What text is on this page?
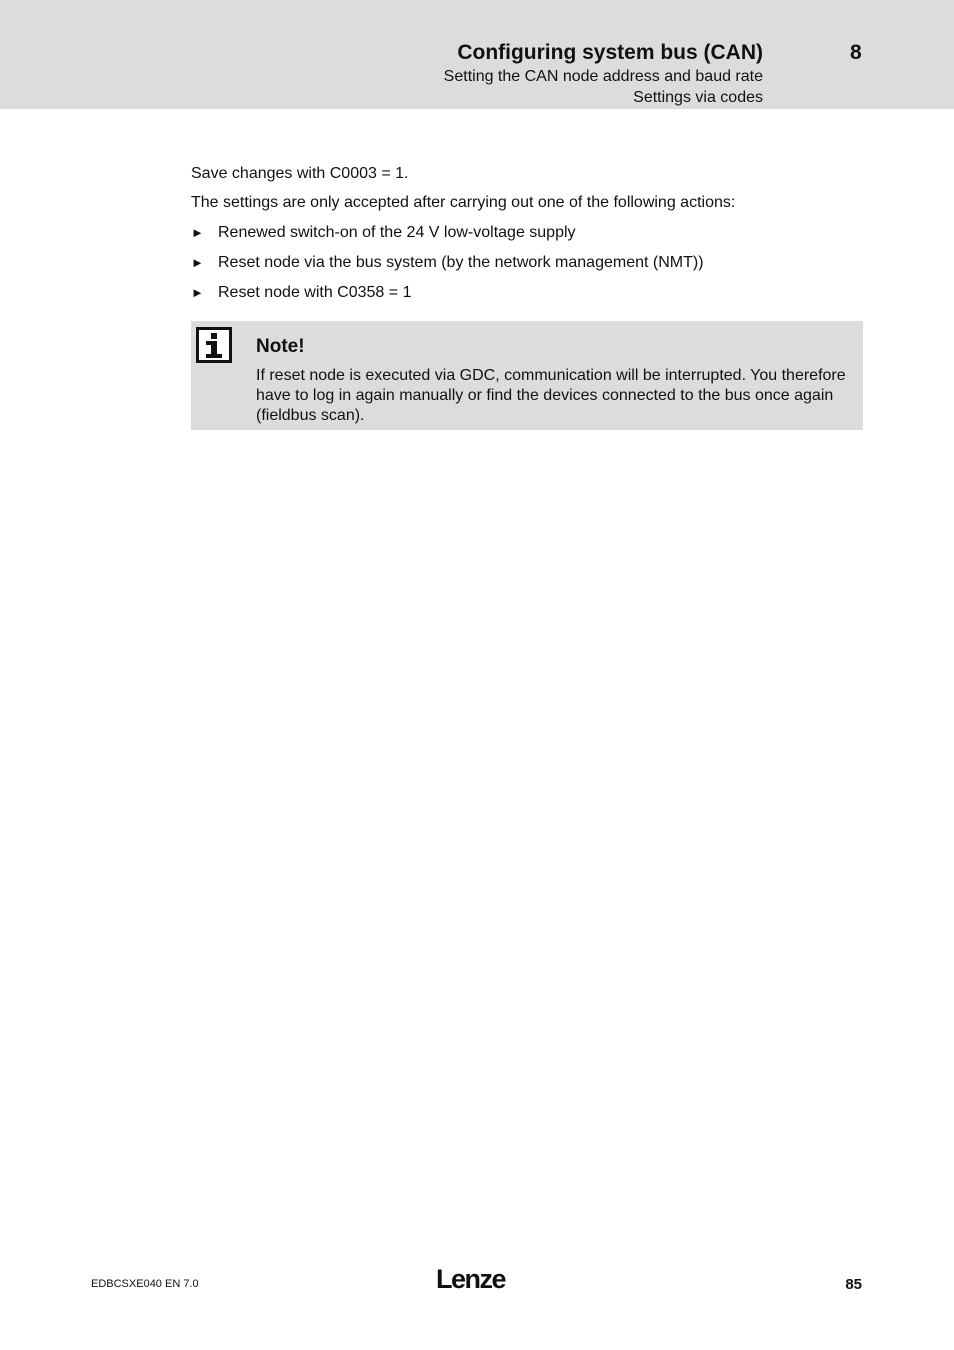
Configuring system bus (CAN)	8
Setting the CAN node address and baud rate
Settings via codes

Save changes with C0003 = 1.

The settings are only accepted after carrying out one of the following actions:

► Renewed switch-on of the 24 V low-voltage supply
► Reset node via the bus system (by the network management (NMT))
► Reset node with C0358 = 1
Note!
If reset node is executed via GDC, communication will be interrupted. You therefore have to log in again manually or find the devices connected to the bus once again (fieldbus scan).
EDBCSXE040 EN 7.0	Lenze	85
